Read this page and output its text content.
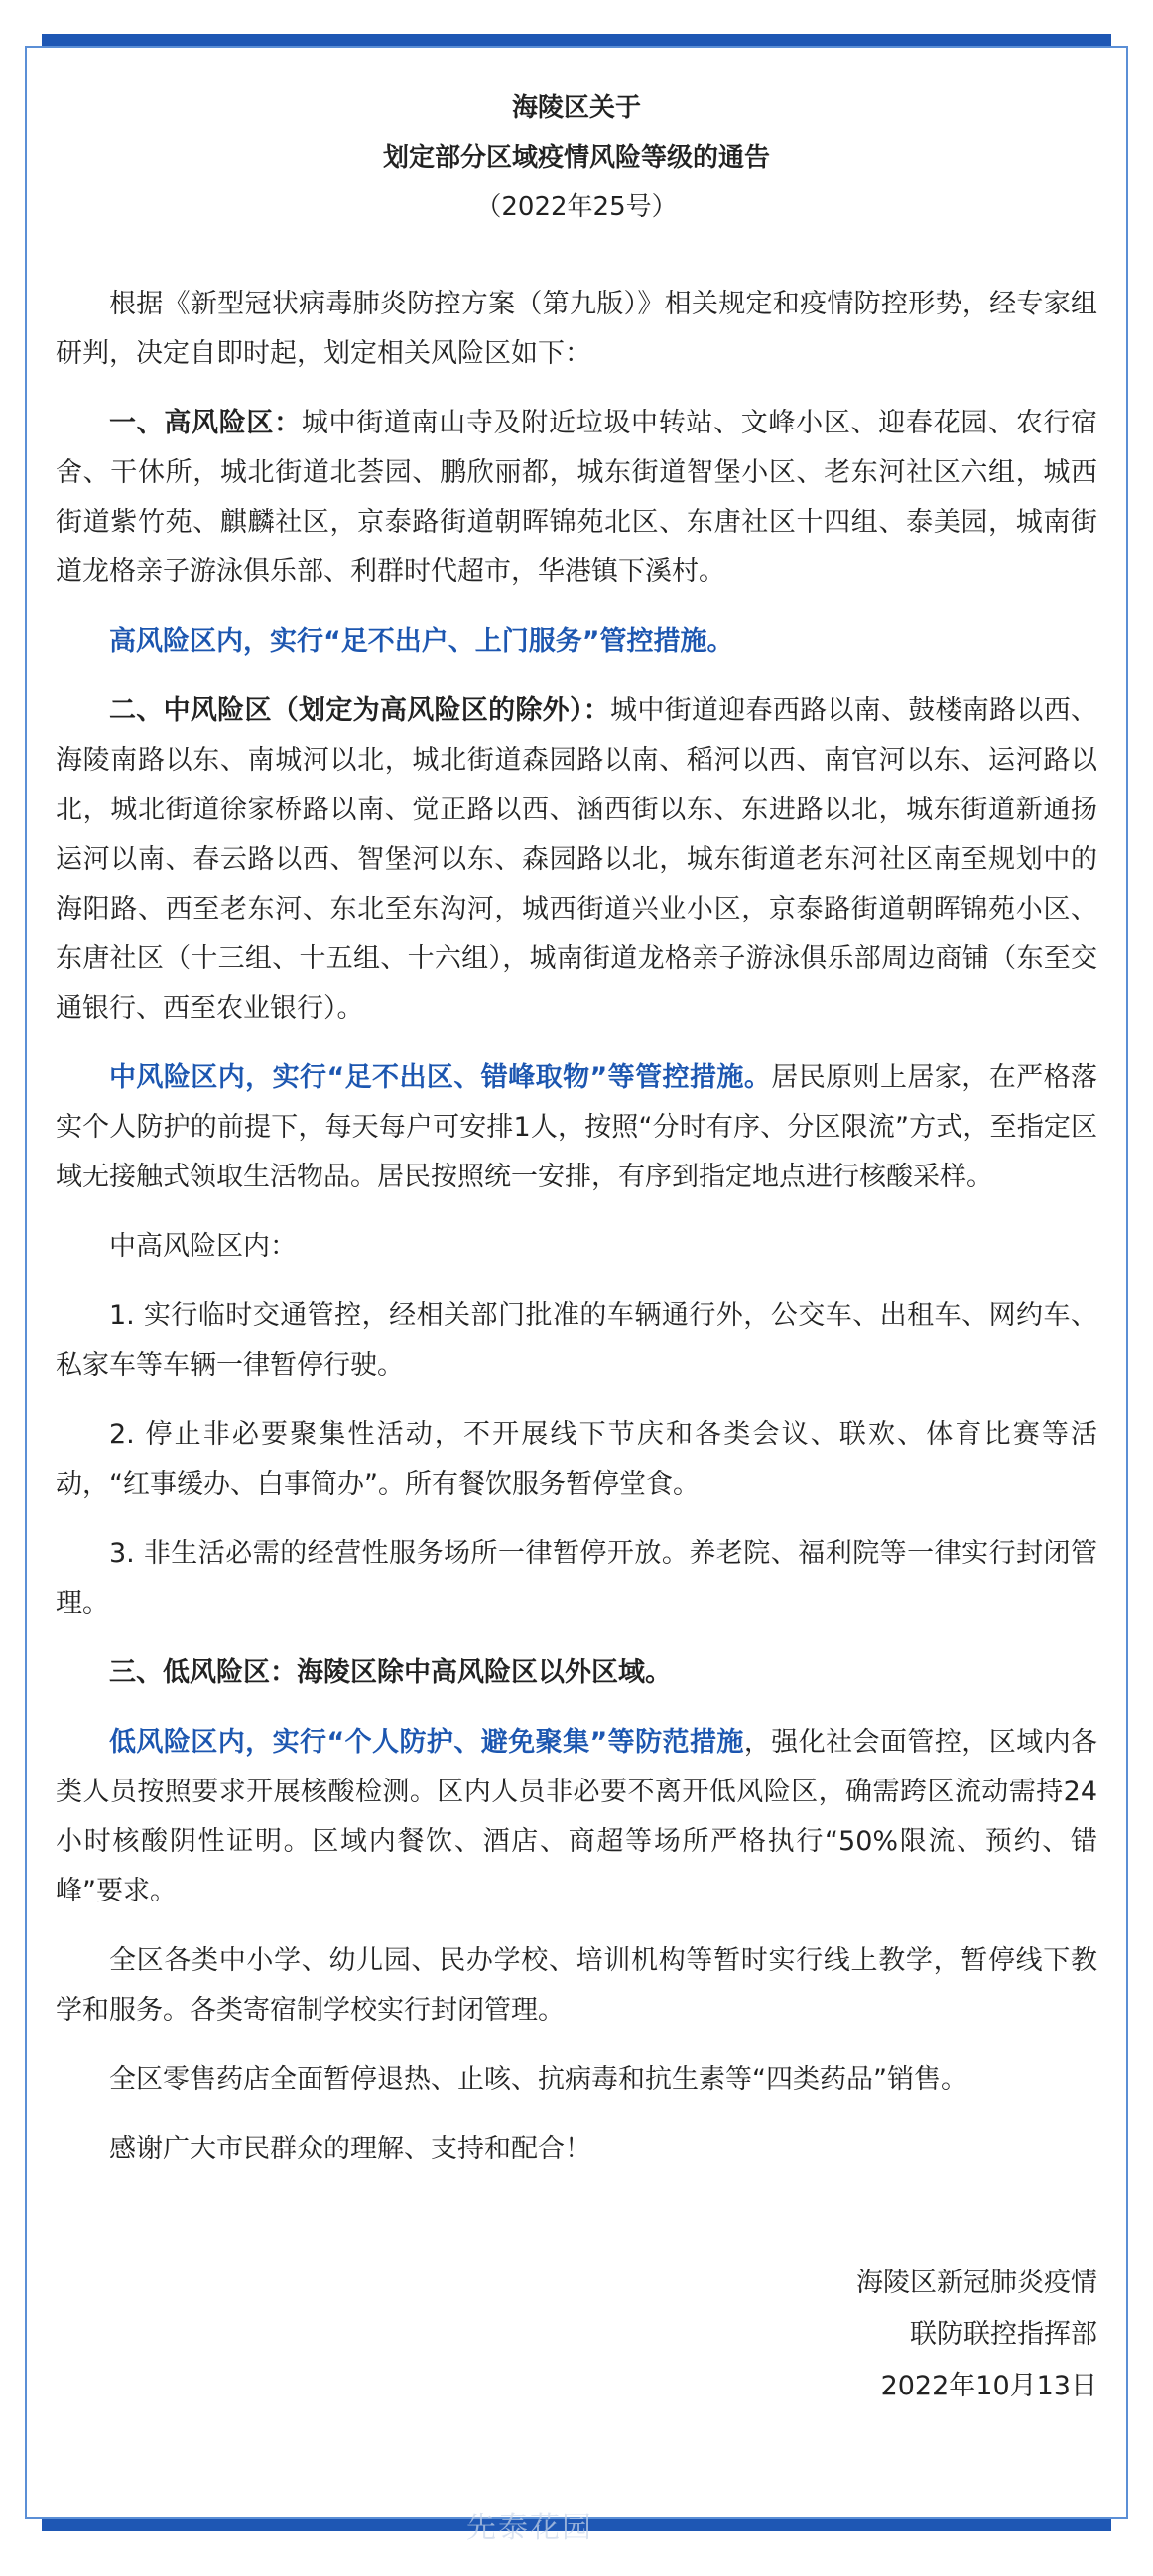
海陵区关于
划定部分区域疫情风险等级的通告

（2022年25号）

根据《新型冠状病毒肺炎防控方案（第九版）》相关规定和疫情防控形势，经专家组研判，决定自即时起，划定相关风险区如下：

一、高风险区：城中街道南山寺及附近垃圾中转站、文峰小区、迎春花园、农行宿舍、干休所，城北街道北荟园、鹏欣丽都，城东街道智堡小区、老东河社区六组，城西街道紫竹苑、麒麟社区，京泰路街道朝晖锦苑北区、东唐社区十四组、泰美园，城南街道龙格亲子游泳俱乐部、利群时代超市，华港镇下溪村。

高风险区内，实行“足不出户、上门服务”管控措施。

二、中风险区（划定为高风险区的除外）：城中街道迎春西路以南、鼓楼南路以西、海陵南路以东、南城河以北，城北街道森园路以南、稻河以西、南官河以东、运河路以北，城北街道徐家桥路以南、觉正路以西、涵西街以东、东进路以北，城东街道新通扬运河以南、春云路以西、智堡河以东、森园路以北，城东街道老东河社区南至规划中的海阳路、西至老东河、东北至东沟河，城西街道兴业小区，京泰路街道朝晖锦苑小区、东唐社区（十三组、十五组、十六组），城南街道龙格亲子游泳俱乐部周边商铺（东至交通银行、西至农业银行）。

中风险区内，实行“足不出区、错峰取物”等管控措施。居民原则上居家，在严格落实个人防护的前提下，每天每户可安排1人，按照“分时有序、分区限流”方式，至指定区域无接触式领取生活物品。居民按照统一安排，有序到指定地点进行核酸采样。

中高风险区内：

1. 实行临时交通管控，经相关部门批准的车辆通行外，公交车、出租车、网约车、私家车等车辆一律暂停行驶。

2. 停止非必要聚集性活动，不开展线下节庆和各类会议、联欢、体育比赛等活动，“红事缓办、白事简办”。所有餐饮服务暂停堂食。

3. 非生活必需的经营性服务场所一律暂停开放。养老院、福利院等一律实行封闭管理。

三、低风险区：海陵区除中高风险区以外区域。

低风险区内，实行“个人防护、避免聚集”等防范措施，强化社会面管控，区域内各类人员按照要求开展核酸检测。区内人员非必要不离开低风险区，确需跨区流动需持24小时核酸阴性证明。区域内餐饮、酒店、商超等场所严格执行“50%限流、预约、错峰”要求。

全区各类中小学、幼儿园、民办学校、培训机构等暂时实行线上教学，暂停线下教学和服务。各类寄宿制学校实行封闭管理。

全区零售药店全面暂停退热、止咳、抗病毒和抗生素等“四类药品”销售。

感谢广大市民群众的理解、支持和配合！

海陵区新冠肺炎疫情
联防联控指挥部
2022年10月13日
先泰花园
